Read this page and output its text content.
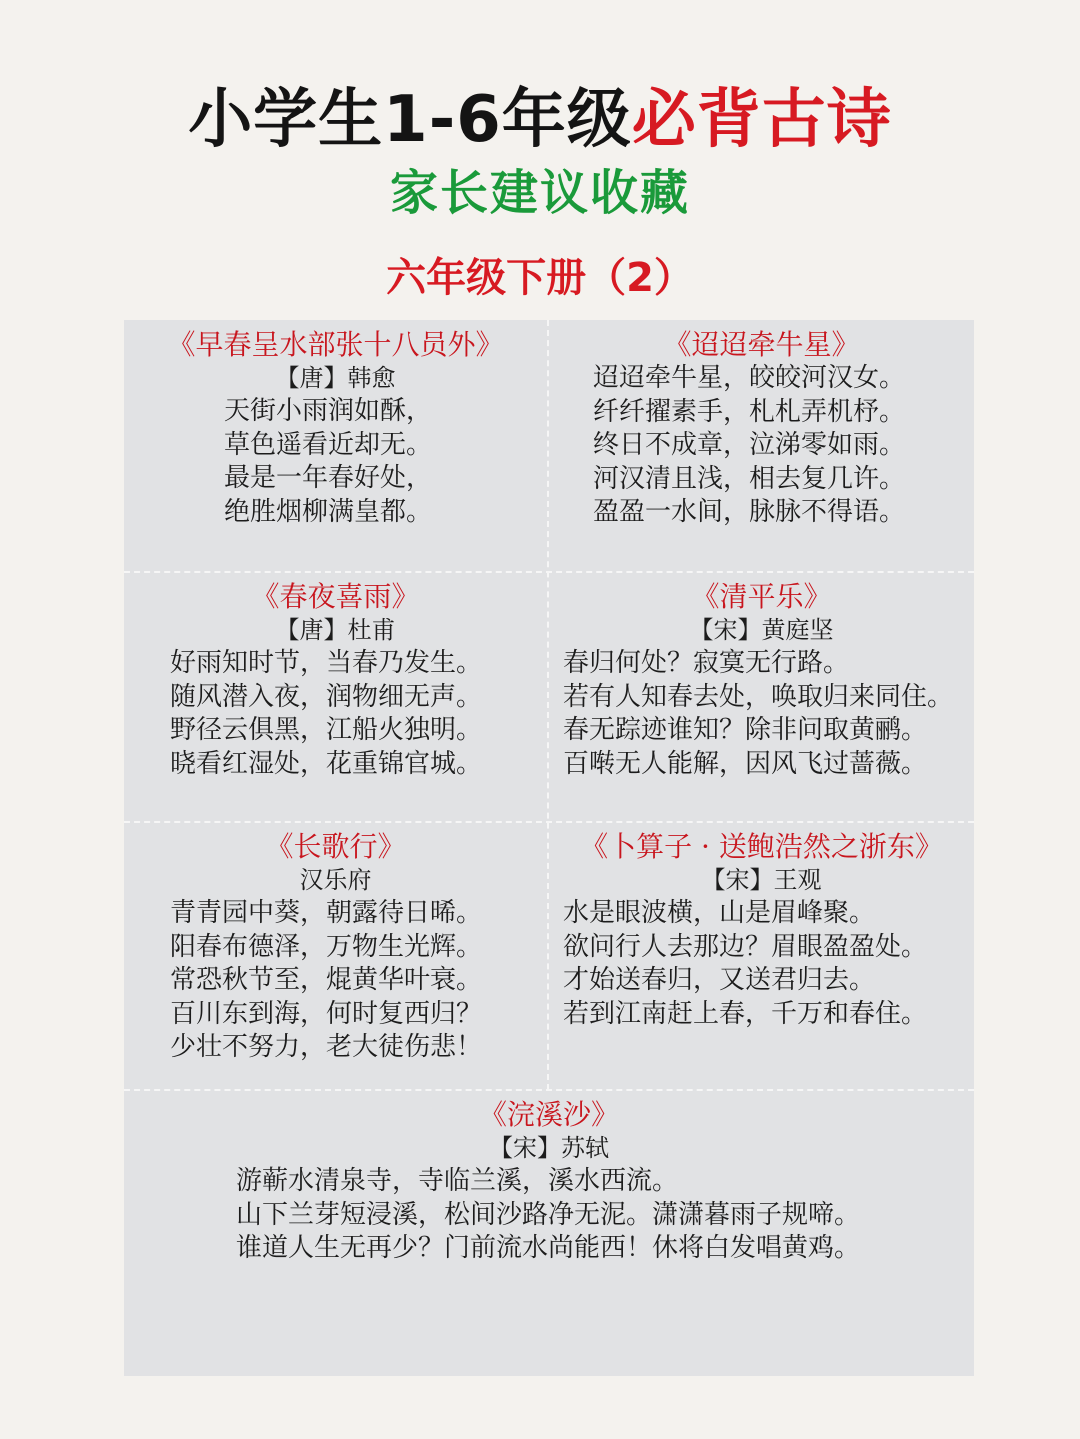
小学生1-6年级必背古诗
家长建议收藏
六年级下册（2）
《早春呈水部张十八员外》
【唐】韩愈
天街小雨润如酥，
草色遥看近却无。
最是一年春好处，
绝胜烟柳满皇都。
《迢迢牵牛星》
迢迢牵牛星，皎皎河汉女。
纤纤擢素手，札札弄机杼。
终日不成章，泣涕零如雨。
河汉清且浅，相去复几许。
盈盈一水间，脉脉不得语。
《春夜喜雨》
【唐】杜甫
好雨知时节，当春乃发生。
随风潜入夜，润物细无声。
野径云俱黑，江船火独明。
晓看红湿处，花重锦官城。
《清平乐》
【宋】黄庭坚
春归何处？寂寞无行路。
若有人知春去处，唤取归来同住。
春无踪迹谁知？除非问取黄鹂。
百啭无人能解，因风飞过蔷薇。
《长歌行》
汉乐府
青青园中葵，朝露待日晞。
阳春布德泽，万物生光辉。
常恐秋节至，焜黄华叶衰。
百川东到海，何时复西归？
少壮不努力，老大徒伤悲！
《卜算子 · 送鲍浩然之浙东》
【宋】王观
水是眼波横，山是眉峰聚。
欲问行人去那边？眉眼盈盈处。
才始送春归，又送君归去。
若到江南赶上春，千万和春住。
《浣溪沙》
【宋】苏轼
游蕲水清泉寺，寺临兰溪，溪水西流。
山下兰芽短浸溪，松间沙路净无泥。潇潇暮雨子规啼。
谁道人生无再少？门前流水尚能西！休将白发唱黄鸡。
